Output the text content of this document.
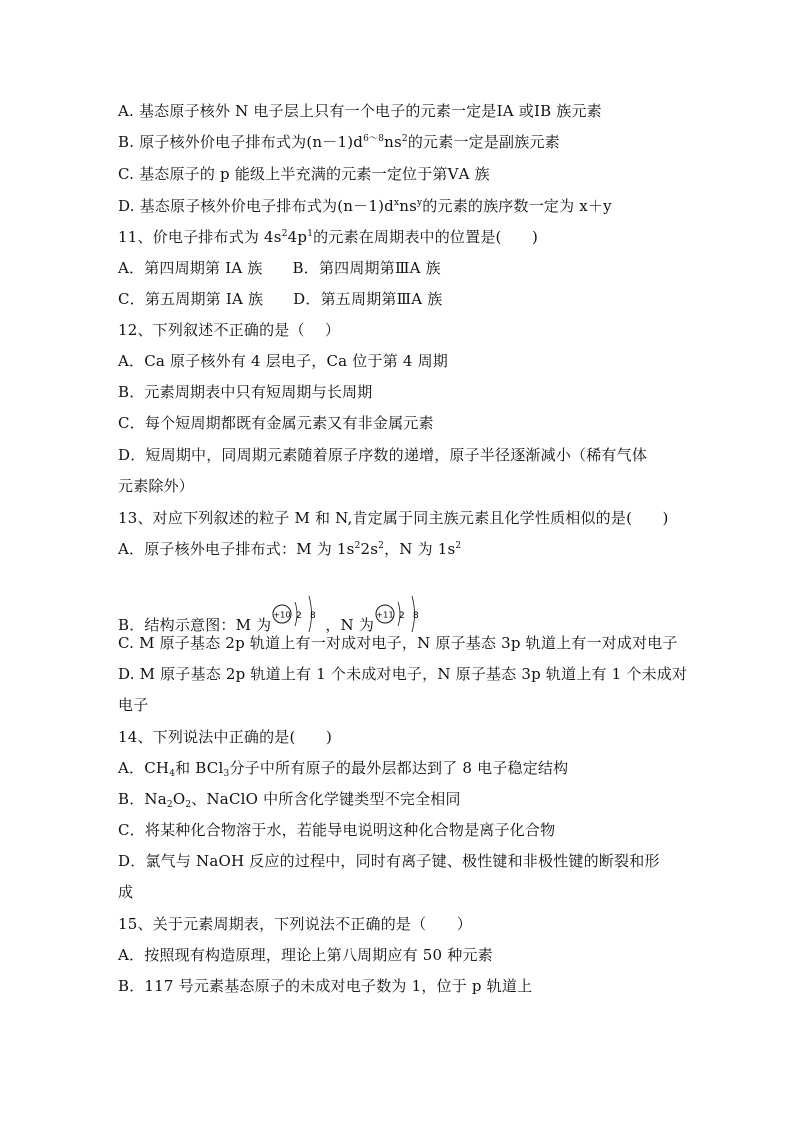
A. 基态原子核外 N 电子层上只有一个电子的元素一定是ⅠA 或ⅠB 族元素
B. 原子核外价电子排布式为$(n-1)d^{6\sim 8}ns^2$的元素一定是副族元素
C. 基态原子的 p 能级上半充满的元素一定位于第ⅤA 族
D. 基态原子核外价电子排布式为$(n-1)d^xns^y$的元素的族序数一定为 x＋y
11、价电子排布式为 $4s^24p^1$的元素在周期表中的位置是(　　)
A．第四周期第 IA 族 B．第四周期第ⅢA 族
C．第五周期第 IA 族 D．第五周期第ⅢA 族
12、下列叙述不正确的是（　 ）
A．Ca 原子核外有 4 层电子，Ca 位于第 4 周期
B．元素周期表中只有短周期与长周期
C．每个短周期都既有金属元素又有非金属元素
D．短周期中，同周期元素随着原子序数的递增，原子半径逐渐减小（稀有气体
元素除外）
13、对应下列叙述的粒子 M 和 N,肯定属于同主族元素且化学性质相似的是(　　)
A．原子核外电子排布式：M 为 $1s^22s^2$，N 为 $1s^2$
B．结构示意图：M 为
+10 2 8 ，N 为
+11 2 8
C. M 原子基态 2p 轨道上有一对成对电子，N 原子基态 3p 轨道上有一对成对电子
D. M 原子基态 2p 轨道上有 1 个未成对电子，N 原子基态 3p 轨道上有 1 个未成对
电子
14、下列说法中正确的是(　　)
A．$CH_4$和 BCl$_3$分子中所有原子的最外层都达到了 8 电子稳定结构
B．$Na_2O_2$、NaClO 中所含化学键类型不完全相同
C．将某种化合物溶于水，若能导电说明这种化合物是离子化合物
D．氯气与 NaOH 反应的过程中，同时有离子键、极性键和非极性键的断裂和形
成
15、关于元素周期表，下列说法不正确的是（　　）
A．按照现有构造原理，理论上第八周期应有 50 种元素
B．117 号元素基态原子的未成对电子数为 1，位于 p 轨道上
